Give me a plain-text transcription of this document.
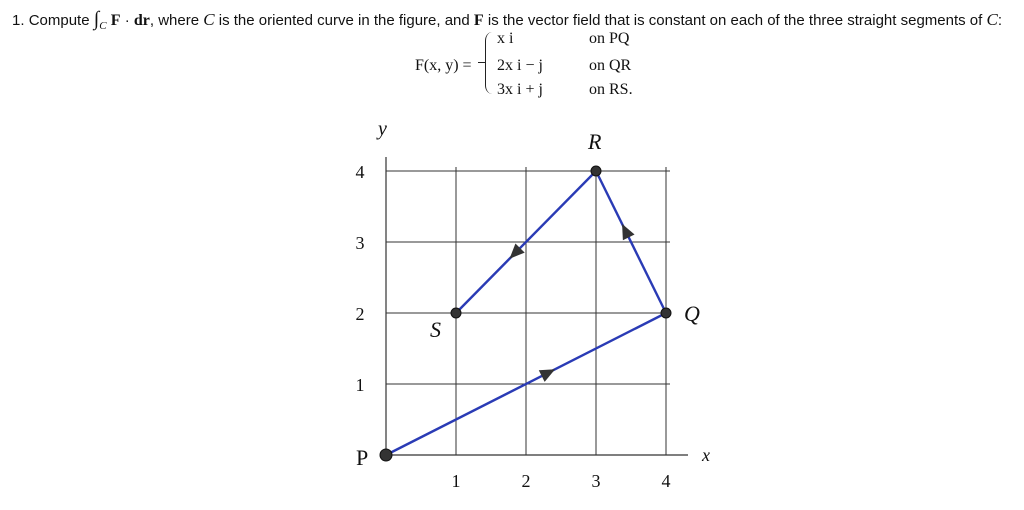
1. Compute $\int_C$ F · dr, where C is the oriented curve in the figure, and F is the vector field that is constant on each of the three straight segments of C:
F(x, y) =
x i	on PQ
2x i − j	on QR
3x i + j	on RS.
1	2	3	4
1
2
3
4
x
y
P
Q
R
S
